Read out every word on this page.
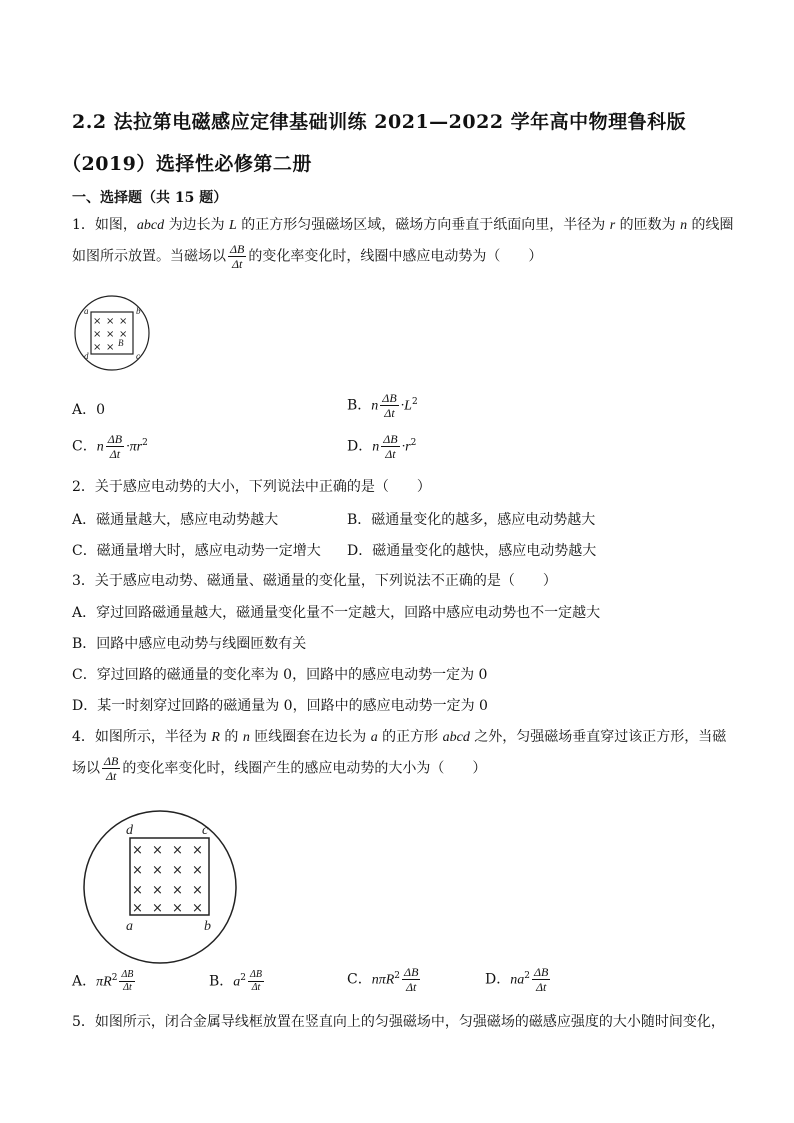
2.2 法拉第电磁感应定律基础训练 2021—2022 学年高中物理鲁科版
（2019）选择性必修第二册
一、选择题（共 15 题）
1．如图，abcd 为边长为 L 的正方形匀强磁场区域，磁场方向垂直于纸面向里，半径为 r 的匝数为 n 的线圈
如图所示放置。当磁场以 $\frac{\Delta B}{\Delta t}$ 的变化率变化时，线圈中感应电动势为（　　）
× × ×
× × ×
× ×
a	b
c
d
B
A．0	B．n $\frac{\Delta B}{\Delta t} \cdot L^2$
C．n $\frac{\Delta B}{\Delta t} \cdot\pi r^2$	D．n $\frac{\Delta B}{\Delta t} \cdot r^2$
2．关于感应电动势的大小，下列说法中正确的是（　　）
A．磁通量越大，感应电动势越大	B．磁通量变化的越多，感应电动势越大
C．磁通量增大时，感应电动势一定增大 D．磁通量变化的越快，感应电动势越大
3．关于感应电动势、磁通量、磁通量的变化量，下列说法不正确的是（　　）
A．穿过回路磁通量越大，磁通量变化量不一定越大，回路中感应电动势也不一定越大
B．回路中感应电动势与线圈匝数有关
C．穿过回路的磁通量的变化率为 0，回路中的感应电动势一定为 0
D．某一时刻穿过回路的磁通量为 0，回路中的感应电动势一定为 0
4．如图所示，半径为 R 的 n 匝线圈套在边长为 a 的正方形 abcd 之外，匀强磁场垂直穿过该正方形，当磁
场以 $\frac{\Delta B}{\Delta t}$ 的变化率变化时，线圈产生的感应电动势的大小为（　　）
× × × ×
× × × ×
× × × ×
× × × ×
d	c
a	b
A．$\pi R^2 \frac{\Delta B}{\Delta t}$	B．$a^2 \frac{\Delta B}{\Delta t}$	C．$n\pi R^2 \frac{\Delta B}{\Delta t}$	D．$na^2 \frac{\Delta B}{\Delta t}$
5．如图所示，闭合金属导线框放置在竖直向上的匀强磁场中，匀强磁场的磁感应强度的大小随时间变化，
